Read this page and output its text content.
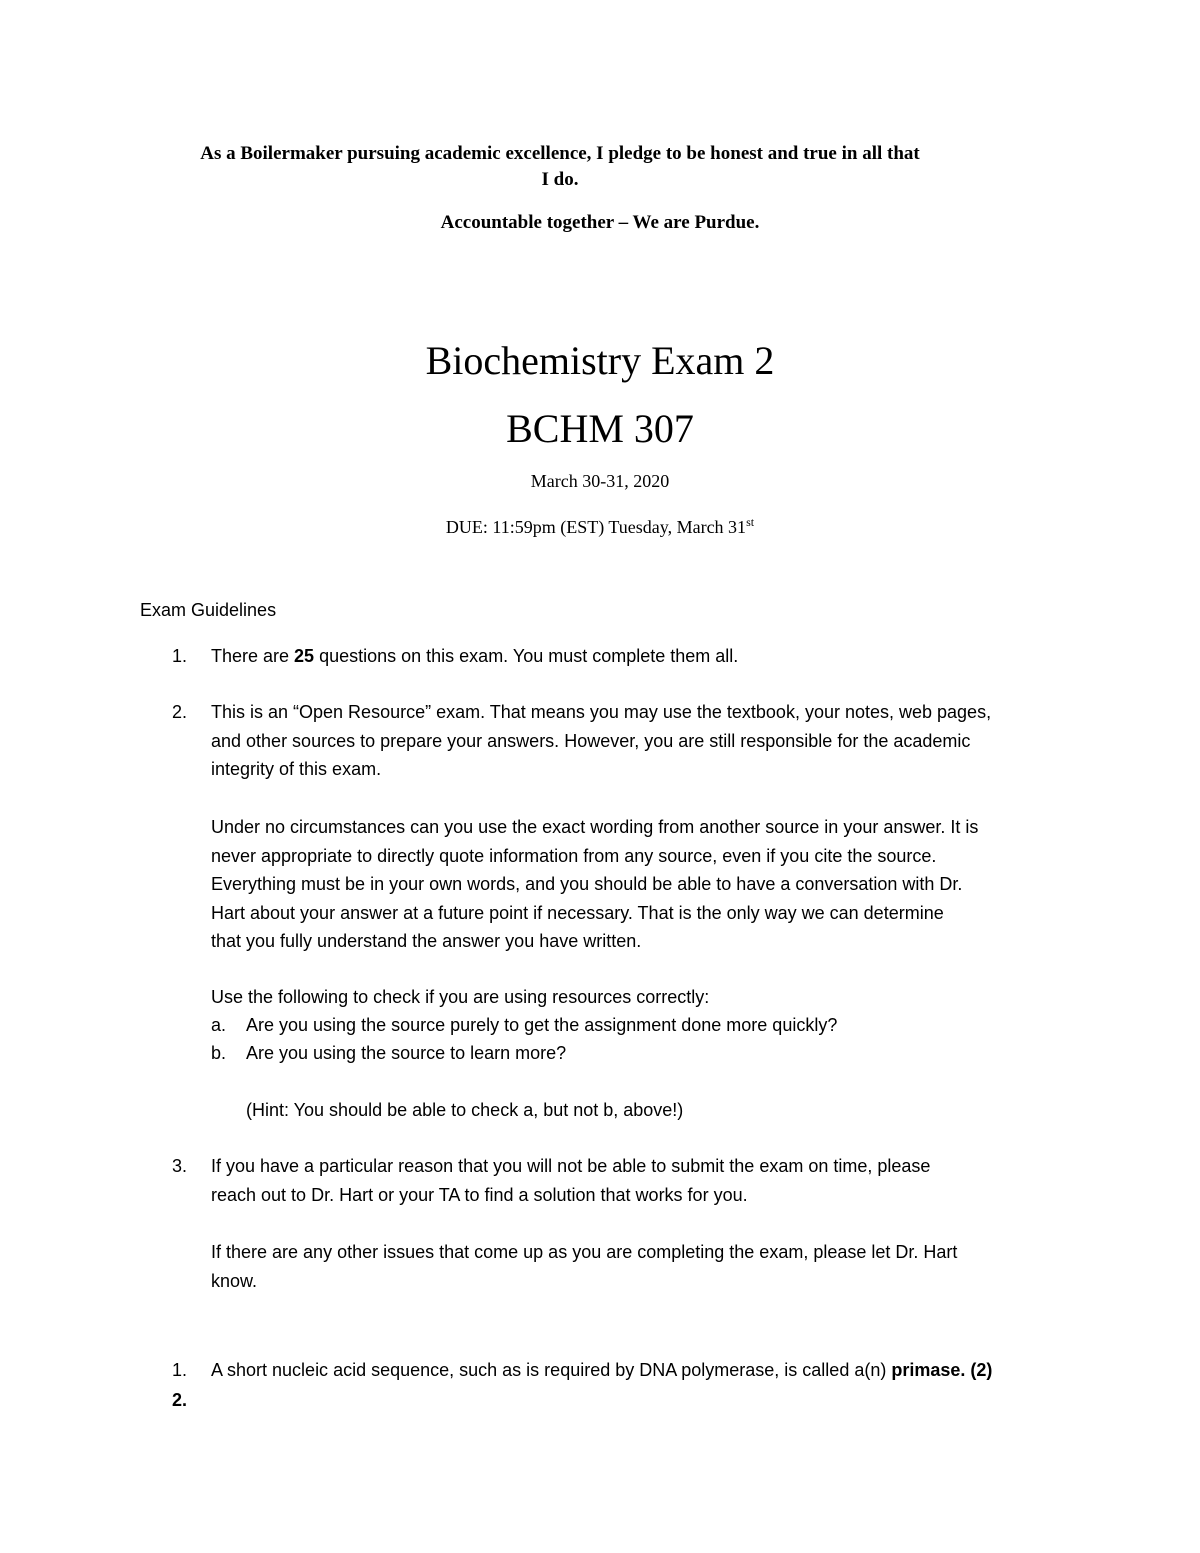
As a Boilermaker pursuing academic excellence, I pledge to be honest and true in all that
I do.
Accountable together – We are Purdue.
Biochemistry Exam 2
BCHM 307
March 30-31, 2020
DUE: 11:59pm (EST) Tuesday, March 31st
Exam Guidelines
1.	There are 25 questions on this exam. You must complete them all.
2.	This is an “Open Resource” exam. That means you may use the textbook, your notes, web pages,
and other sources to prepare your answers. However, you are still responsible for the academic
integrity of this exam.
Under no circumstances can you use the exact wording from another source in your answer. It is
never appropriate to directly quote information from any source, even if you cite the source.
Everything must be in your own words, and you should be able to have a conversation with Dr.
Hart about your answer at a future point if necessary. That is the only way we can determine
that you fully understand the answer you have written.
Use the following to check if you are using resources correctly:
a.	Are you using the source purely to get the assignment done more quickly?
b.	Are you using the source to learn more?
(Hint: You should be able to check a, but not b, above!)
3.	If you have a particular reason that you will not be able to submit the exam on time, please
reach out to Dr. Hart or your TA to find a solution that works for you.
If there are any other issues that come up as you are completing the exam, please let Dr. Hart
know.
1.	A short nucleic acid sequence, such as is required by DNA polymerase, is called a(n) primase. (2)
2.
